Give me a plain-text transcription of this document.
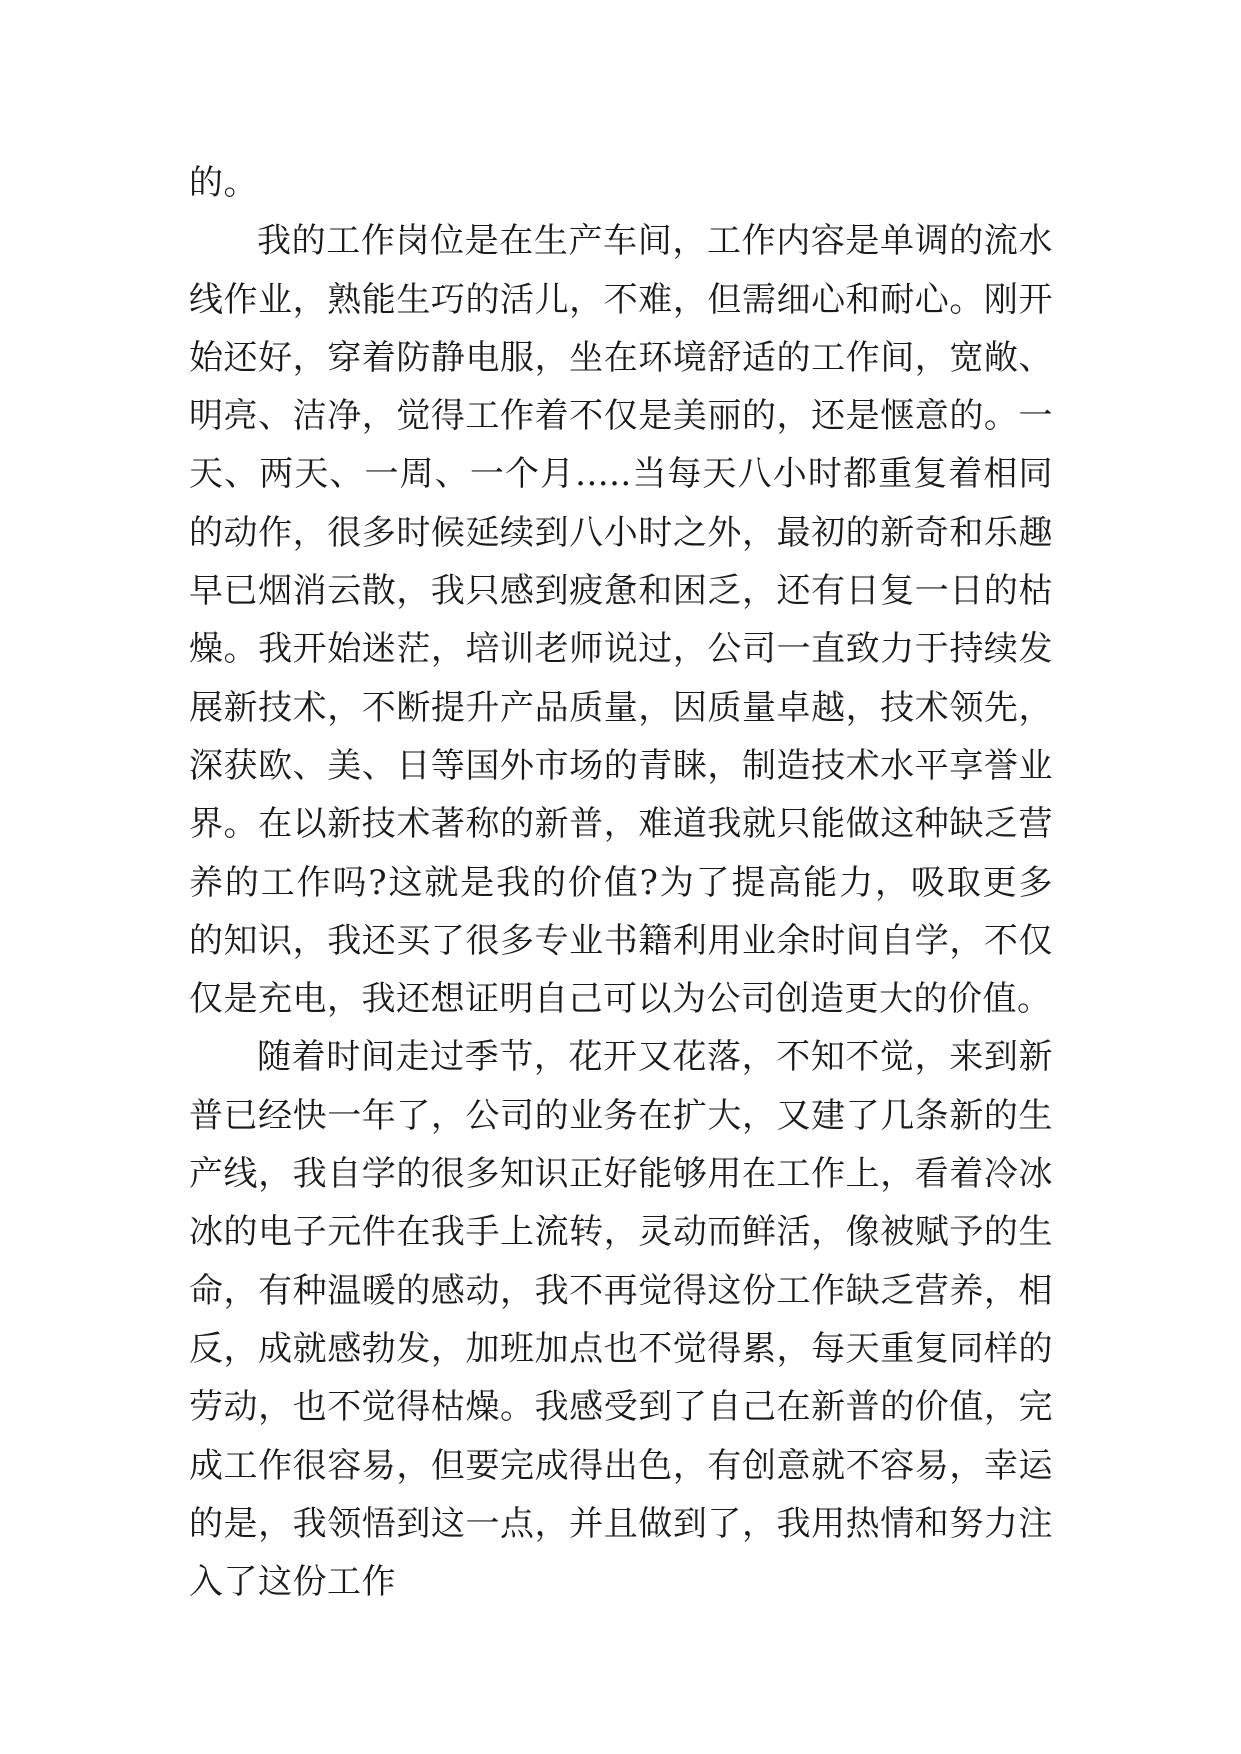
的。

我的工作岗位是在生产车间，工作内容是单调的流水线作业，熟能生巧的活儿，不难，但需细心和耐心。刚开始还好，穿着防静电服，坐在环境舒适的工作间，宽敞、明亮、洁净，觉得工作着不仅是美丽的，还是惬意的。一天、两天、一周、一个月.....当每天八小时都重复着相同的动作，很多时候延续到八小时之外，最初的新奇和乐趣早已烟消云散，我只感到疲惫和困乏，还有日复一日的枯燥。我开始迷茫，培训老师说过，公司一直致力于持续发展新技术，不断提升产品质量，因质量卓越，技术领先，深获欧、美、日等国外市场的青睐，制造技术水平享誉业界。在以新技术著称的新普，难道我就只能做这种缺乏营养的工作吗?这就是我的价值?为了提高能力，吸取更多的知识，我还买了很多专业书籍利用业余时间自学，不仅仅是充电，我还想证明自己可以为公司创造更大的价值。

随着时间走过季节，花开又花落，不知不觉，来到新普已经快一年了，公司的业务在扩大，又建了几条新的生产线，我自学的很多知识正好能够用在工作上，看着冷冰冰的电子元件在我手上流转，灵动而鲜活，像被赋予的生命，有种温暖的感动，我不再觉得这份工作缺乏营养，相反，成就感勃发，加班加点也不觉得累，每天重复同样的劳动，也不觉得枯燥。我感受到了自己在新普的价值，完成工作很容易，但要完成得出色，有创意就不容易，幸运的是，我领悟到这一点，并且做到了，我用热情和努力注入了这份工作
